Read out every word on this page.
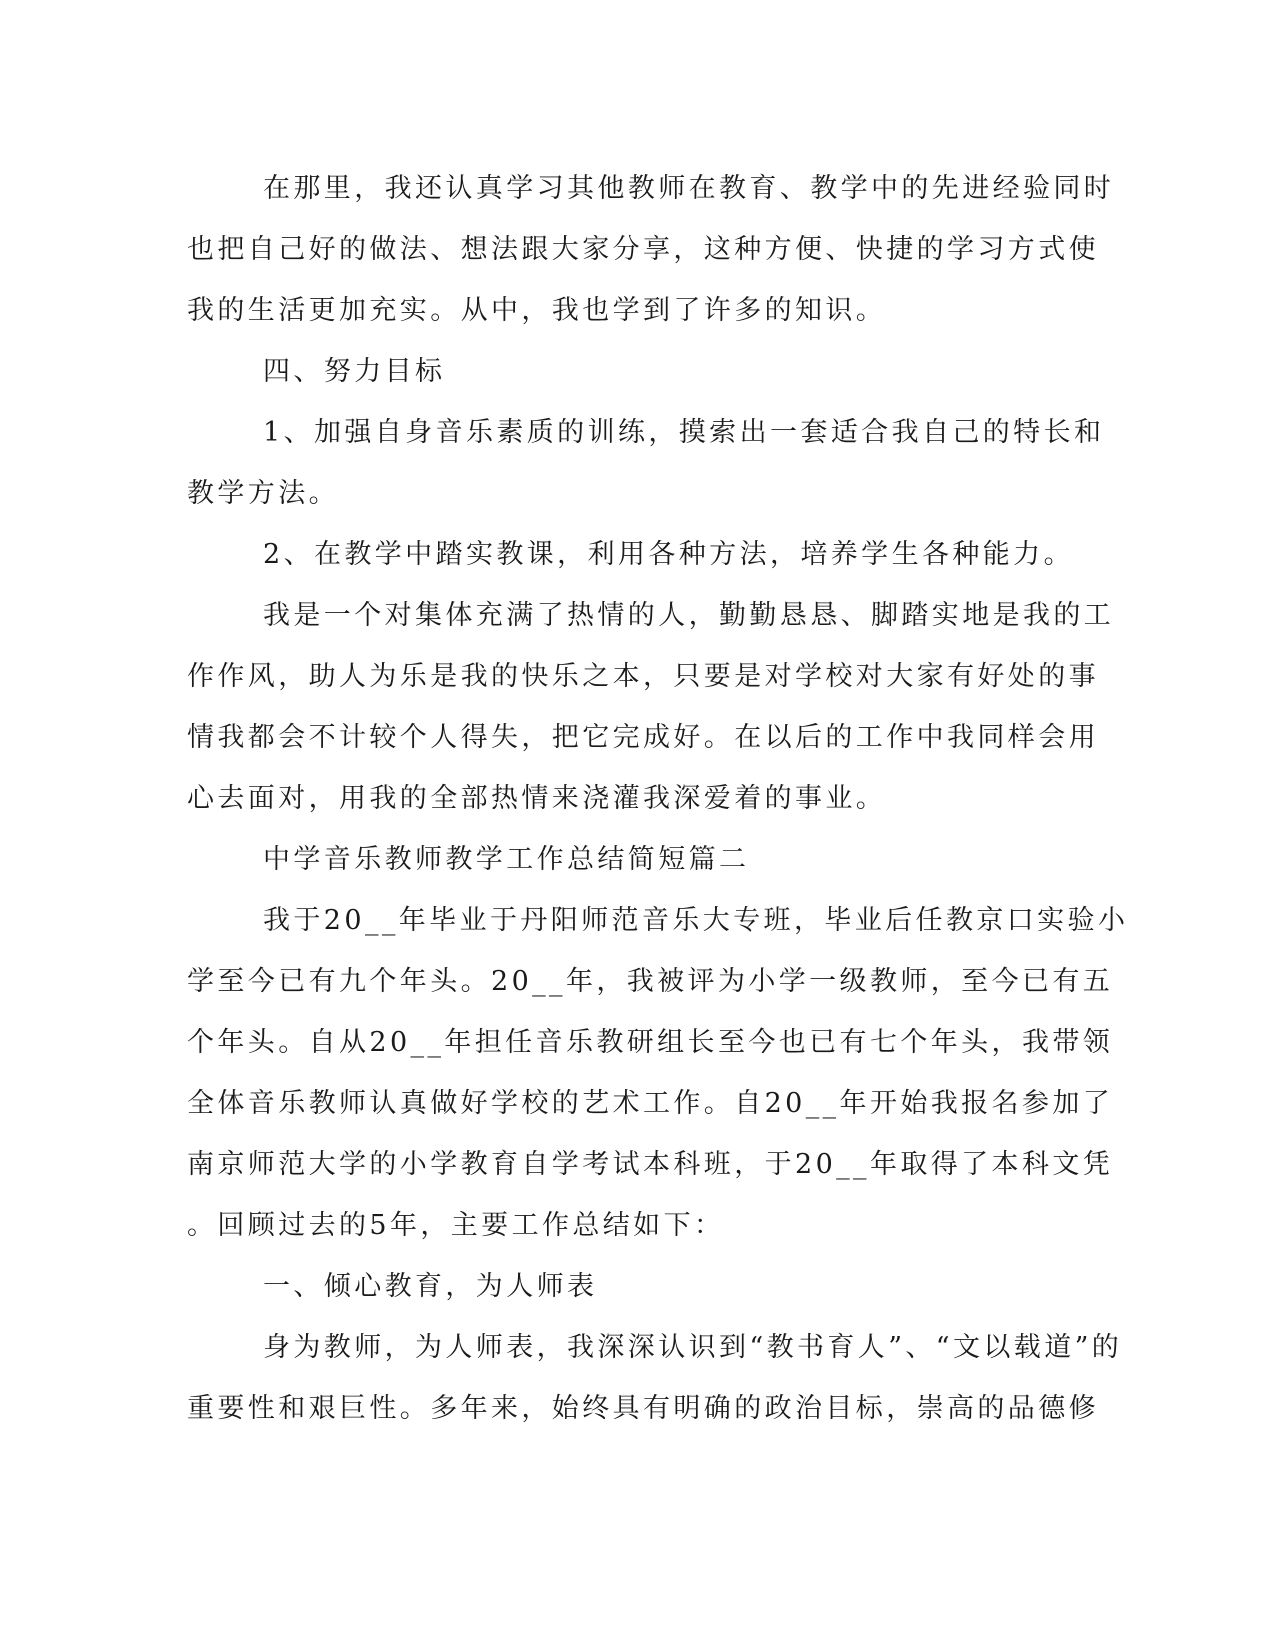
在那里，我还认真学习其他教师在教育、教学中的先进经验同时
也把自己好的做法、想法跟大家分享，这种方便、快捷的学习方式使
我的生活更加充实。从中，我也学到了许多的知识。
四、努力目标
1、加强自身音乐素质的训练，摸索出一套适合我自己的特长和
教学方法。
2、在教学中踏实教课，利用各种方法，培养学生各种能力。
我是一个对集体充满了热情的人，勤勤恳恳、脚踏实地是我的工
作作风，助人为乐是我的快乐之本，只要是对学校对大家有好处的事
情我都会不计较个人得失，把它完成好。在以后的工作中我同样会用
心去面对，用我的全部热情来浇灌我深爱着的事业。
中学音乐教师教学工作总结简短篇二
我于20__年毕业于丹阳师范音乐大专班，毕业后任教京口实验小
学至今已有九个年头。20__年，我被评为小学一级教师，至今已有五
个年头。自从20__年担任音乐教研组长至今也已有七个年头，我带领
全体音乐教师认真做好学校的艺术工作。自20__年开始我报名参加了
南京师范大学的小学教育自学考试本科班，于20__年取得了本科文凭
。回顾过去的5年，主要工作总结如下：
一、倾心教育，为人师表
身为教师，为人师表，我深深认识到“教书育人”、“文以载道”的
重要性和艰巨性。多年来，始终具有明确的政治目标，崇高的品德修
